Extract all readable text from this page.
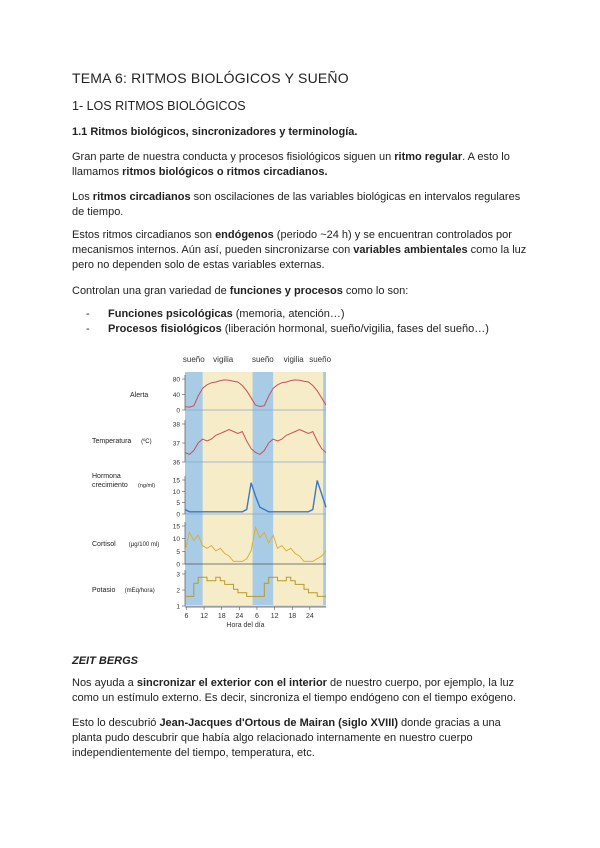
TEMA 6: RITMOS BIOLÓGICOS Y SUEÑO
1- LOS RITMOS BIOLÓGICOS
1.1 Ritmos biológicos, sincronizadores y terminología.

Gran parte de nuestra conducta y procesos fisiológicos siguen un ritmo regular. A esto lo llamamos ritmos biológicos o ritmos circadianos.

Los ritmos circadianos son oscilaciones de las variables biológicas en intervalos regulares de tiempo.

Estos ritmos circadianos son endógenos (periodo ~24 h) y se encuentran controlados por mecanismos internos. Aún así, pueden sincronizarse con variables ambientales como la luz pero no dependen solo de estas variables externas.

Controlan una gran variedad de funciones y procesos como lo son:

- Funciones psicológicas (memoria, atención…)
- Procesos fisiológicos (liberación hormonal, sueño/vigilia, fases del sueño…)
sueño vigilia sueño vigilia sueño
Alerta
80
40
0
Temperatura (ºC)
38
37
36
Hormona
crecimiento (ng/ml)
15
10
5
0
Cortisol (µg/100 ml)
15
10
5
0
Potasio (mEq/hora)
3
2
1
6 12 18 24 6 12 18 24
Hora del día
ZEIT BERGS

Nos ayuda a sincronizar el exterior con el interior de nuestro cuerpo, por ejemplo, la luz como un estímulo externo. Es decir, sincroniza el tiempo endógeno con el tiempo exógeno.

Esto lo descubrió Jean-Jacques d'Ortous de Mairan (siglo XVIII) donde gracias a una planta pudo descubrir que había algo relacionado internamente en nuestro cuerpo independientemente del tiempo, temperatura, etc.
